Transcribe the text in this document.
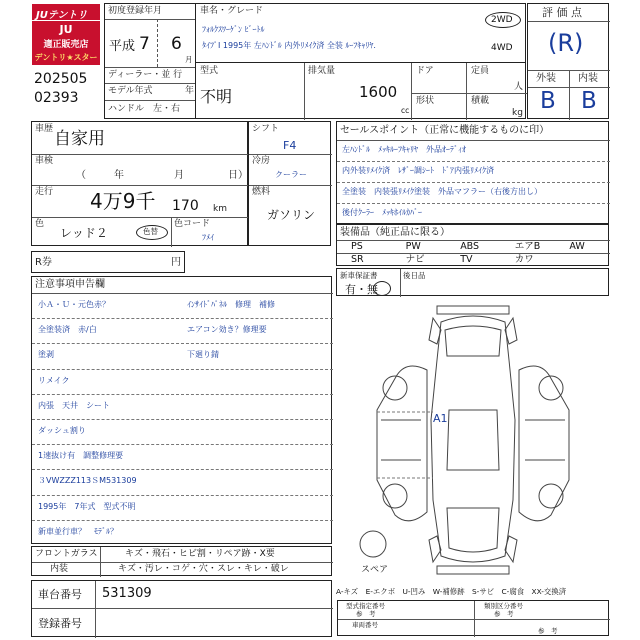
JUテントリ
JU
適正販売店
デントリ★スター
202505
02393
初度登録年月
平成 7 6
月
ディーラー・並 行
モデル年式	年
ハンドル　左・右
車名・グレード
ﾌｫﾙｸｽﾜｰｹﾞﾝ ﾋﾞｰﾄﾙ
ﾀｲﾌﾟⅠ 1995年 左ﾊﾝﾄﾞﾙ 内外ﾘﾒｲｸ済 全装 ﾙｰﾌｷｬﾘﾔ.
2WD
4WD
型式
不明
排気量
1600
cc
ドア	定員
人
形状	積載
kg
評 価 点
(R)
外装 内装
B B
車歴 自家用
車検
（	年	月	日）
走行 4万9千 170 km
色
レッド２	色替
色コード
ﾌﾒｲ
シフト
F4
冷房
クーラー
燃料
ガソリン
R券	円
セールスポイント（正常に機能するものに印）
左ﾊﾝﾄﾞﾙ　ﾒｯｷﾙｰﾌｷｬﾘﾔ　外品ｵｰﾃﾞｨｵ
内外装ﾘﾒｲｸ済　ﾚｻﾞｰ調ｼｰﾄ　ﾄﾞｱ内張ﾘﾒｲｸ済
全塗装　内装張ﾘﾒｲｸ塗装　外品マフラー（右後方出し）
後付ｸｰﾗｰ　ﾒｯｷﾎｲﾙｶﾊﾞｰ
装備品（純正品に限る）
PS	PW	ABS	エアB	AW
SR	ナビ	TV	カワ
新車保証書
有・無
後日品
注意事項申告欄
小Ａ・Ｕ・元色赤？
全塗装済　赤/白
塗剥
リメイク
内張　天井　シート
ダッシュ割り
1速抜け有　調整修理要
３VWZZZ113ＳM531309
1995年　7年式　型式不明
新車並行車？　ﾓﾃﾞﾙ？
ｲﾝｻｲﾄﾞﾊﾟﾈﾙ　修理　補修
エアコン効き？修理要
下廻り錆
フロントガラス	キズ・飛石・ヒビ割・リペア跡・X要
内装	キズ・汚レ・コゲ・穴・スレ・キレ・破レ
車台番号 531309
登録番号
A1
スペア
A-キズ　E-エクボ　U-凹み　W-補修跡　S-サビ　C-腐食　XX-交換済
型式指定番号
参　考
類別区分番号
参　考
車両番号
参　考
